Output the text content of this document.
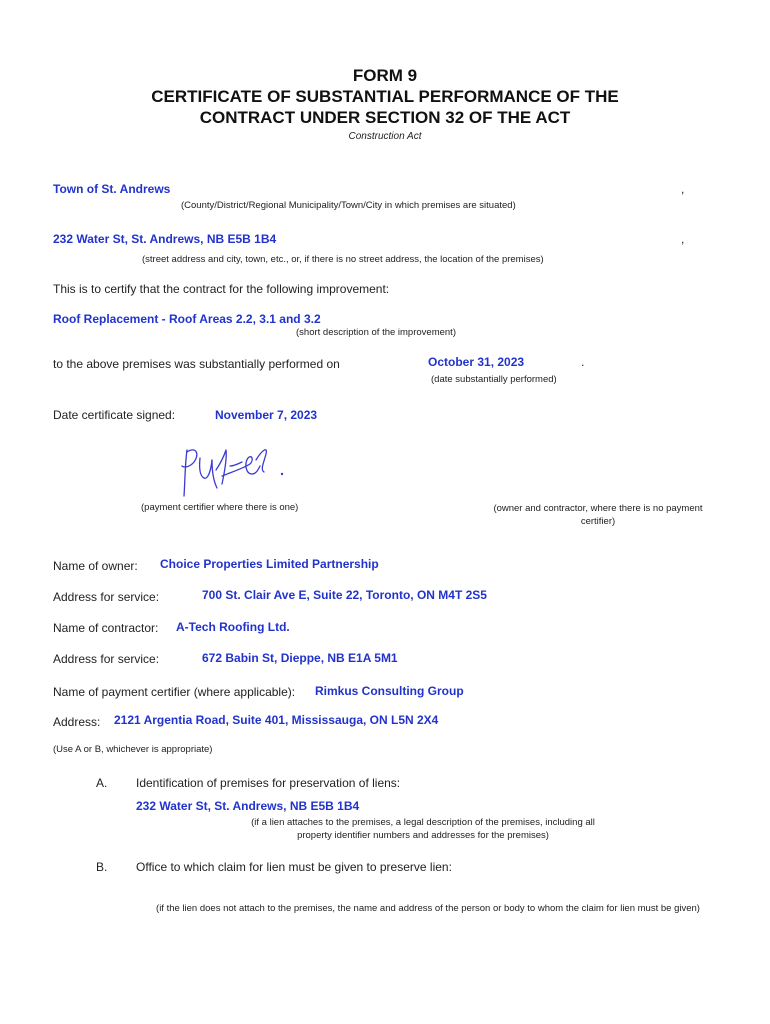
FORM 9
CERTIFICATE OF SUBSTANTIAL PERFORMANCE OF THE
CONTRACT UNDER SECTION 32 OF THE ACT
Construction Act
Town of St. Andrews	,
(County/District/Regional Municipality/Town/City in which premises are situated)
232 Water St, St. Andrews, NB E5B 1B4	,
(street address and city, town, etc., or, if there is no street address, the location of the premises)
This is to certify that the contract for the following improvement:
Roof Replacement - Roof Areas 2.2, 3.1 and 3.2
(short description of the improvement)
to the above premises was substantially performed on	October 31, 2023	.
(date substantially performed)
Date certificate signed:	November 7, 2023
(payment certifier where there is one)	(owner and contractor, where there is no payment certifier)
Name of owner: Choice Properties Limited Partnership
Address for service:	700 St. Clair Ave E, Suite 22, Toronto, ON M4T 2S5
Name of contractor: A-Tech Roofing Ltd.
Address for service:	672 Babin St, Dieppe, NB E1A 5M1
Name of payment certifier (where applicable): Rimkus Consulting Group
Address: 2121 Argentia Road, Suite 401, Mississauga, ON L5N 2X4
(Use A or B, whichever is appropriate)
A. Identification of premises for preservation of liens:
232 Water St, St. Andrews, NB E5B 1B4
(if a lien attaches to the premises, a legal description of the premises, including all property identifier numbers and addresses for the premises)
B. Office to which claim for lien must be given to preserve lien:
(if the lien does not attach to the premises, the name and address of the person or body to whom the claim for lien must be given)
